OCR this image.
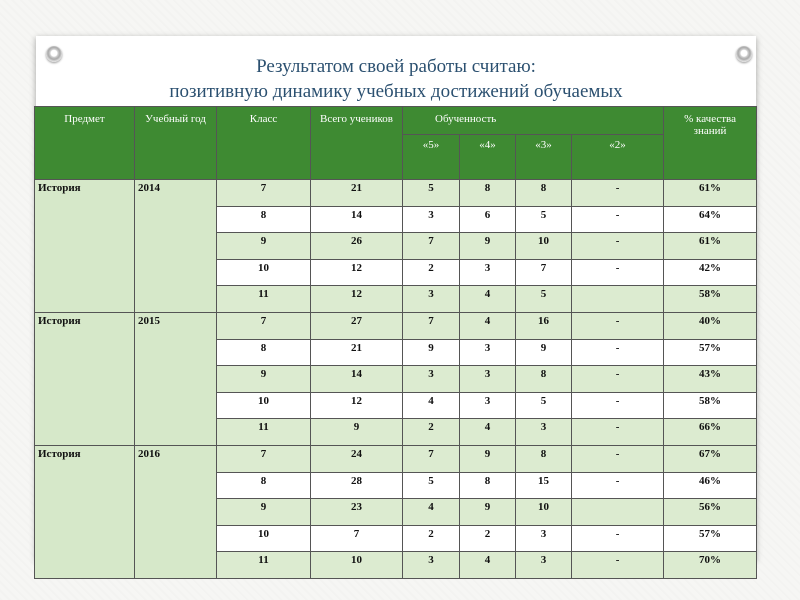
Результатом своей работы считаю:
позитивную динамику учебных достижений обучаемых
Предмет	Учебный год	Класс	Всего учеников	Обученность				% качества знаний
				«5»	«4»	«3»	«2»	
История	2014	7	21	5	8	8	-	61%
		8	14	3	6	5	-	64%
		9	26	7	9	10	-	61%
		10	12	2	3	7	-	42%
		11	12	3	4	5		58%
История	2015	7	27	7	4	16	-	40%
		8	21	9	3	9	-	57%
		9	14	3	3	8	-	43%
		10	12	4	3	5	-	58%
		11	9	2	4	3	-	66%
История	2016	7	24	7	9	8	-	67%
		8	28	5	8	15	-	46%
		9	23	4	9	10		56%
		10	7	2	2	3	-	57%
		11	10	3	4	3	-	70%
